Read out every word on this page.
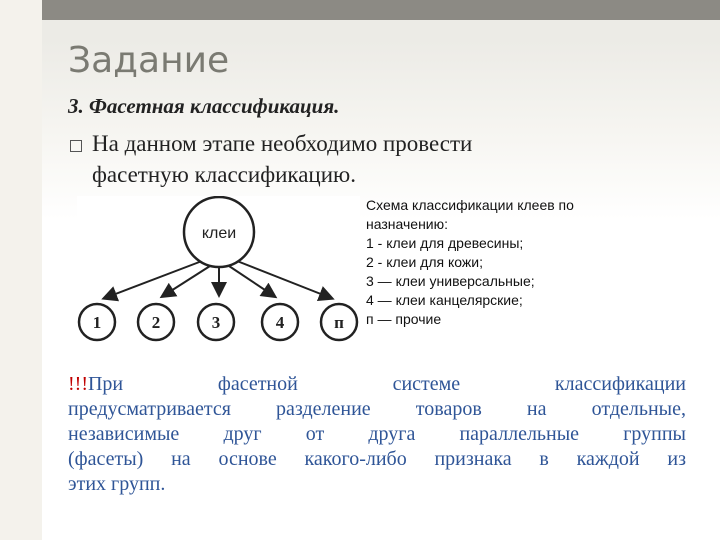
Задание
3. Фасетная классификация.
На данном этапе необходимо провести
фасетную классификацию.
клеи
1	2	3	4	п
Схема классификации клеев по
назначению:
1 - клеи для древесины;
2 - клеи для кожи;
3 — клеи универсальные;
4 — клеи канцелярские;
п — прочие
!!!При      фасетной      системе      классификации
предусматривается разделение товаров на отдельные,
независимые друг от друга параллельные группы
(фасеты) на основе какого-либо признака в каждой из
этих групп.
